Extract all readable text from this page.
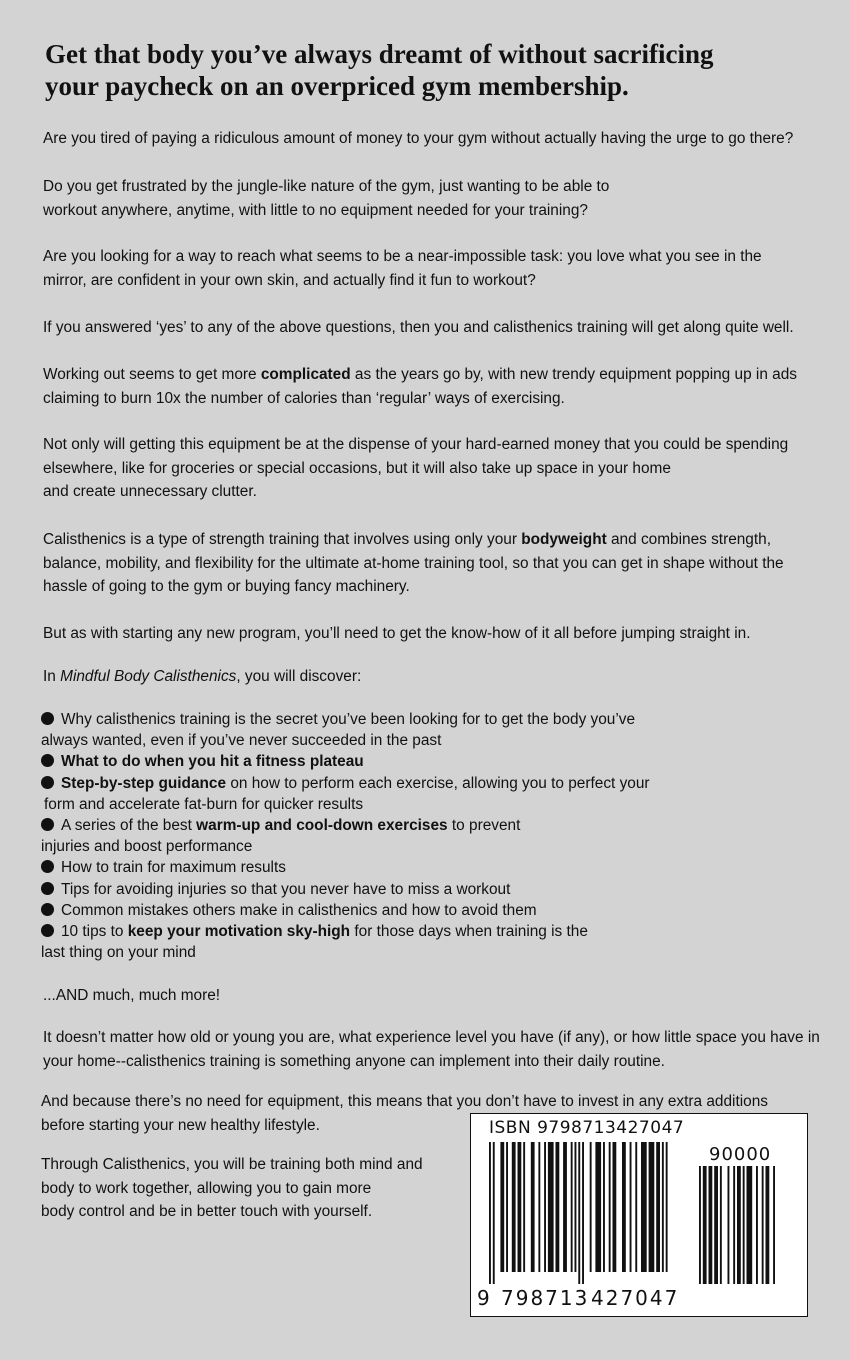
Get that body you’ve always dreamt of without sacrificing
your paycheck on an overpriced gym membership.

Are you tired of paying a ridiculous amount of money to your gym without actually having the urge to go there?

Do you get frustrated by the jungle-like nature of the gym, just wanting to be able to
workout anywhere, anytime, with little to no equipment needed for your training?

Are you looking for a way to reach what seems to be a near-impossible task: you love what you see in the mirror, are confident in your own skin, and actually find it fun to workout?

If you answered ‘yes’ to any of the above questions, then you and calisthenics training will get along quite well.

Working out seems to get more complicated as the years go by, with new trendy equipment popping up in ads claiming to burn 10x the number of calories than ‘regular’ ways of exercising.

Not only will getting this equipment be at the dispense of your hard-earned money that you could be spending elsewhere, like for groceries or special occasions, but it will also take up space in your home
and create unnecessary clutter.

Calisthenics is a type of strength training that involves using only your bodyweight and combines strength, balance, mobility, and flexibility for the ultimate at-home training tool, so that you can get in shape without the hassle of going to the gym or buying fancy machinery.

But as with starting any new program, you’ll need to get the know-how of it all before jumping straight in.

In Mindful Body Calisthenics, you will discover:

Why calisthenics training is the secret you’ve been looking for to get the body you’ve
always wanted, even if you’ve never succeeded in the past
What to do when you hit a fitness plateau
Step-by-step guidance on how to perform each exercise, allowing you to perfect your
form and accelerate fat-burn for quicker results
A series of the best warm-up and cool-down exercises to prevent
injuries and boost performance
How to train for maximum results
Tips for avoiding injuries so that you never have to miss a workout
Common mistakes others make in calisthenics and how to avoid them
10 tips to keep your motivation sky-high for those days when training is the
last thing on your mind

...AND much, much more!

It doesn’t matter how old or young you are, what experience level you have (if any), or how little space you have in your home--calisthenics training is something anyone can implement into their daily routine.

And because there’s no need for equipment, this means that you don’t have to invest in any extra additions
before starting your new healthy lifestyle.

Through Calisthenics, you will be training both mind and
body to work together, allowing you to gain more
body control and be in better touch with yourself.

ISBN 9798713427047
90000
9 798713 427047
